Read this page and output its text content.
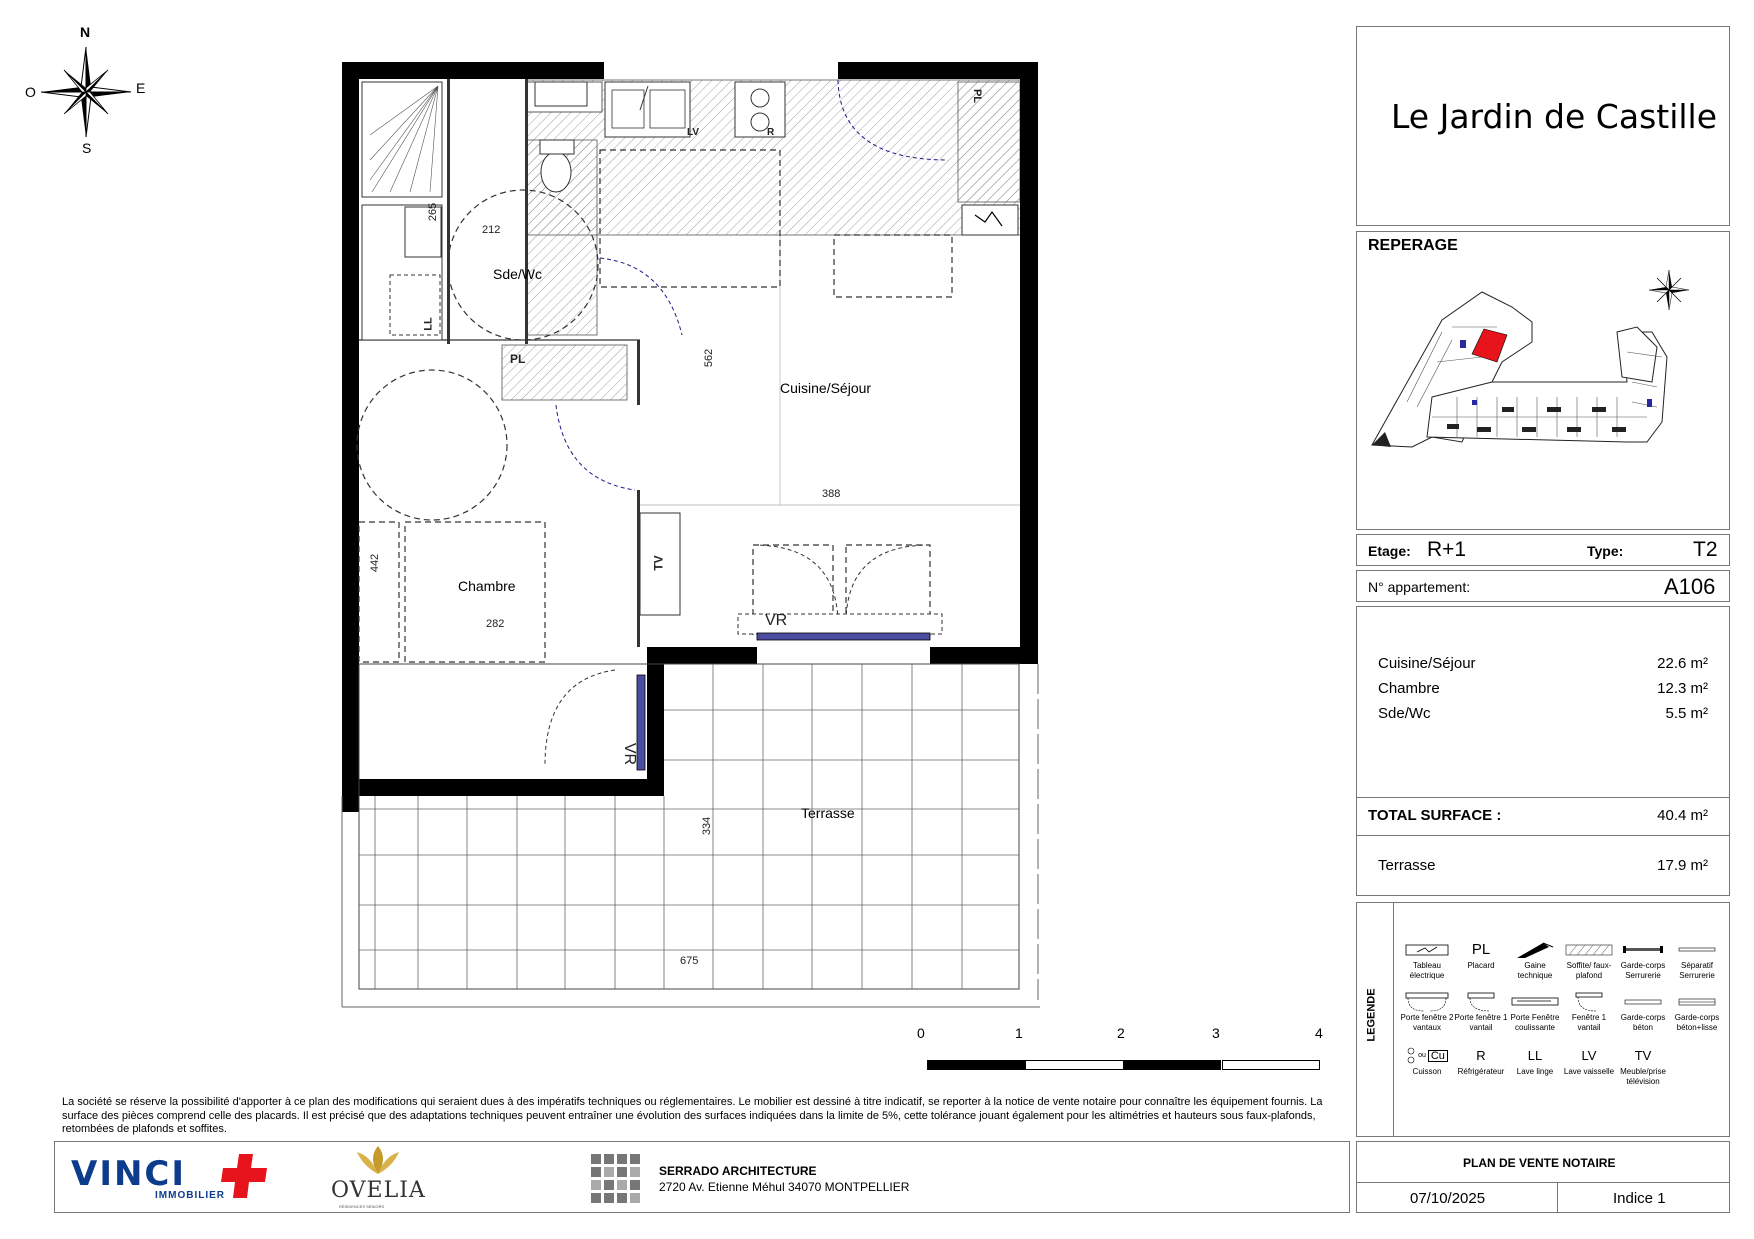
N
S
E
O
Sde/Wc
Cuisine/Séjour
Chambre
Terrasse
212
265
562
388
442
282
334
675
LV	R
PL
PL
LL
TV
VR
VR
0	1	2	3	4
Le Jardin de Castille
REPERAGE
Etage: R+1	Type:	T2
N° appartement:	A106
Cuisine/Séjour	22.6 m²
Chambre	12.3 m²
Sde/Wc	5.5 m²
TOTAL SURFACE :	40.4 m²
Terrasse	17.9 m²
LEGENDE
Tableau électrique
PL
Placard	Gaine technique
Soffite/ faux-plafond
Garde-corps Serrurerie
Séparatif Serrurerie
Porte fenêtre 2 vantaux
Porte fenêtre 1 vantail
Porte Fenêtre coulissante
Fenêtre 1 vantail
Garde-corps béton
Garde-corps béton+lisse
ou Cu
Cuisson
R
Réfrigérateur
LL
Lave linge
LV
Lave vaisselle
TV
Meuble/prise télévision
La société se réserve la possibilité d'apporter à ce plan des modifications qui seraient dues à des impératifs techniques ou réglementaires. Le mobilier est dessiné à titre indicatif, se reporter à la notice de vente notaire pour connaître les équipement fournis. La surface des pièces comprend celle des placards. Il est précisé que des adaptations techniques peuvent entraîner une évolution des surfaces indiquées dans la limite de 5%, cette tolérance jouant également pour les altimétries et hauteurs sous faux-plafonds, retombées de plafonds et soffites.
VINCI
IMMOBILIER	OVELIA
RÉSIDENCES SENIORS
SERRADO ARCHITECTURE
2720 Av. Etienne Méhul 34070 MONTPELLIER
PLAN DE VENTE NOTAIRE
07/10/2025	Indice 1
